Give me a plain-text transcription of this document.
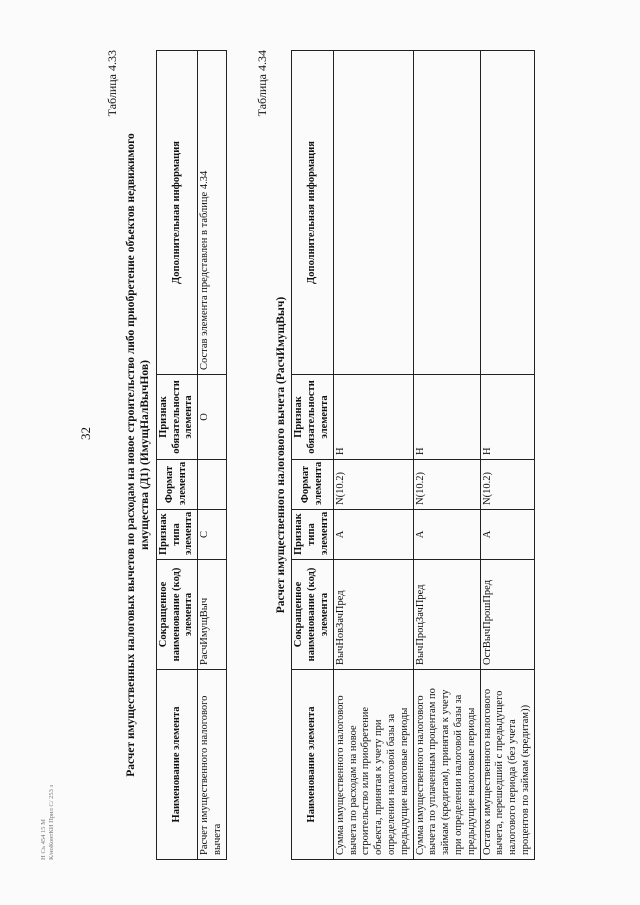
32

Таблица 4.33

Расчет имущественных налоговых вычетов по расходам на новое строительство либо приобретение объектов недвижимого имущества (Д1) (ИмущНалВычНов)
Наименование элемента	Сокращенное наименование (код) элемента	Признак типа элемента	Формат элемента	Признак обязательности элемента	Дополнительная информация
Расчет имущественного налогового вычета	РасчИмущВыч	С		О	Состав элемента представлен в таблице 4.34

Таблица 4.34

Расчет имущественного налогового вычета (РасчИмущВыч)
Наименование элемента	Сокращенное наименование (код) элемента	Признак типа элемента	Формат элемента	Признак обязательности элемента	Дополнительная информация
Сумма имущественного налогового вычета по расходам на новое строительство или приобретение объекта, принятая к учету при определении налоговой базы за предыдущие налоговые периоды	ВычНовЗачПред	А	N(10.2)	Н	
Сумма имущественного налогового вычета по уплаченным процентам по займам (кредитам), принятая к учету при определении налоговой базы за предыдущие налоговые периоды	ВычПроцЗачПред	А	N(10.2)	Н	
Остаток имущественного налогового вычета, перешедший с предыдущего налогового периода (без учета процентов по займам (кредитам))	ОстВычПрошПред	А	N(10.2)	Н	
Н Съ 454 15 М К/ноКонтКИ Прил С/ 253 з
